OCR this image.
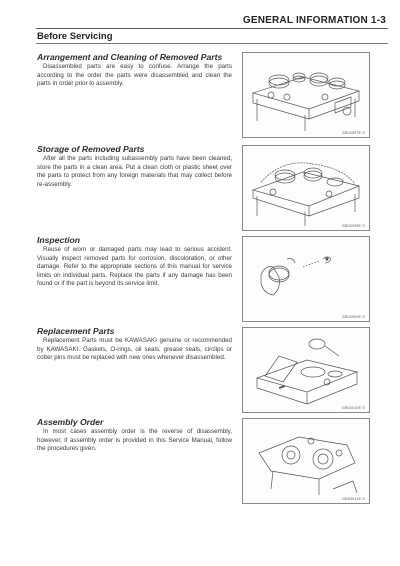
GENERAL INFORMATION 1-3
Before Servicing
Arrangement and Cleaning of Removed Parts

Disassembled parts are easy to confuse. Arrange the parts according to the order the parts were disassembled and clean the parts in order prior to assembly.

GB03007E S
Storage of Removed Parts

After all the parts including subassembly parts have been cleaned, store the parts in a clean area. Put a clean cloth or plastic sheet over the parts to protect from any foreign materials that may collect before re-assembly.

GB03008E S
Inspection

Reuse of worn or damaged parts may lead to serious accident. Visually inspect removed parts for corrosion, discoloration, or other damage. Refer to the appropriate sections of this manual for service limits on individual parts. Replace the parts if any damage has been found or if the part is beyond its service limit.

GB03009E S
Replacement Parts

Replacement Parts must be KAWASAKI genuine or recommended by KAWASAKI. Gaskets, O-rings, oil seals, grease seals, circlips or cotter pins must be replaced with new ones whenever disassembled.

GB03010E S
Assembly Order

In most cases assembly order is the reverse of disassembly, however, if assembly order is provided in this Service Manual, follow the procedures given.

GB03011E S
